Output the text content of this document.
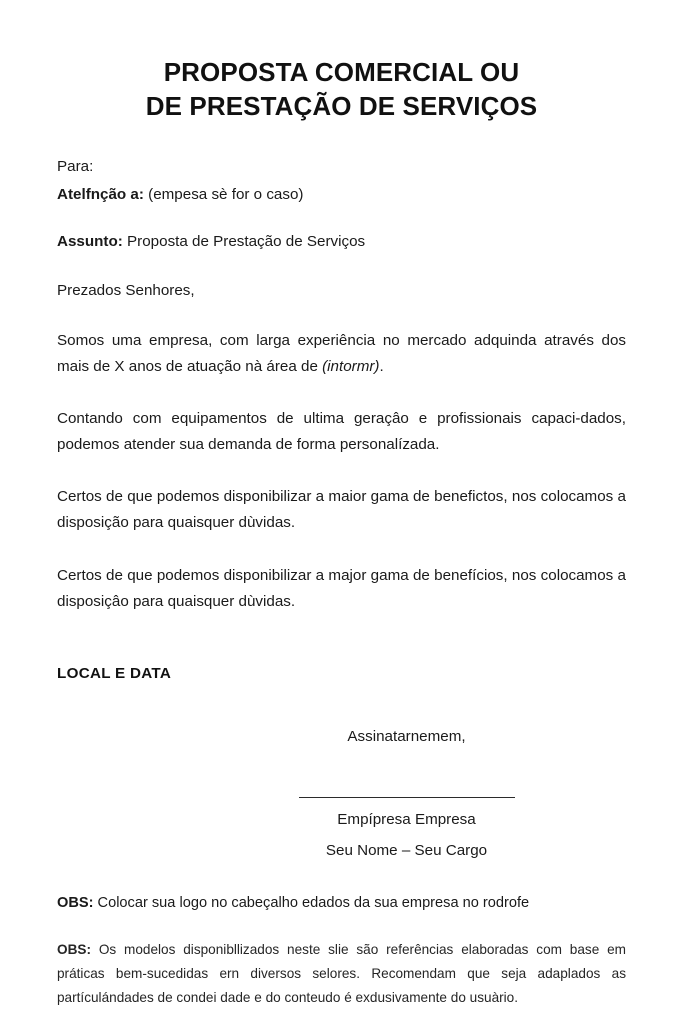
PROPOSTA COMERCIAL OU
DE PRESTAÇÃO DE SERVIÇOS
Para:
Atelfnção a: (empesa sè for o caso)
Assunto: Proposta de Prestação de Serviços
Prezados Senhores,
Somos uma empresa, com larga experiência no mercado adquinda através dos mais de X anos de atuação nà área de (intormr).
Contando com equipamentos de ultima geraçâo e profissionais capaci-dados, podemos atender sua demanda de forma personalízada.
Certos de que podemos disponibilizar a maior gama de benefictos, nos colocamos a disposição para quaisquer dùvidas.
Certos de que podemos disponibilizar a major gama de benefícios, nos colocamos a disposiçâo para quaisquer dùvidas.
LOCAL E DATA
Assinatarnemem,
Empípresa Empresa
Seu Nome – Seu Cargo
OBS: Colocar sua logo no cabeçalho edados da sua empresa no rodrofe
OBS: Os modelos disponibllizados neste slie são referências elaboradas com base em práticas bem-sucedidas ern diversos selores. Recomendam que seja adaplados as partículándades de condei dade e do conteudo é exdusivamente do usuàrio.
